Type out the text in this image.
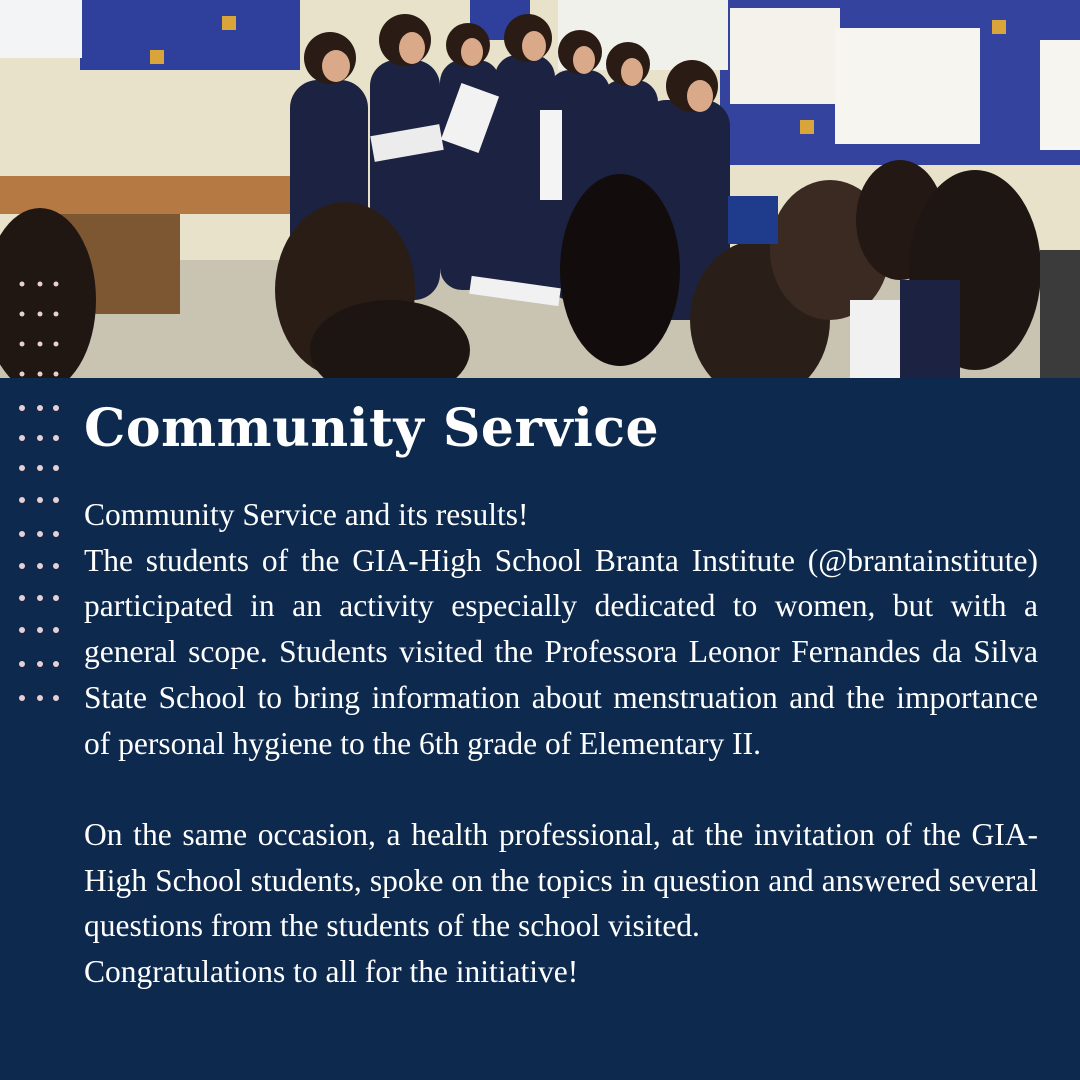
Community Service

Community Service and its results!

The students of the GIA-High School Branta Institute (@brantainstitute) participated in an activity especially dedicated to women, but with a general scope. Students visited the Professora Leonor Fernandes da Silva State School to bring information about menstruation and the importance of personal hygiene to the 6th grade of Elementary II.

On the same occasion, a health professional, at the invitation of the GIA-High School students, spoke on the topics in question and answered several questions from the students of the school visited.

Congratulations to all for the initiative!
